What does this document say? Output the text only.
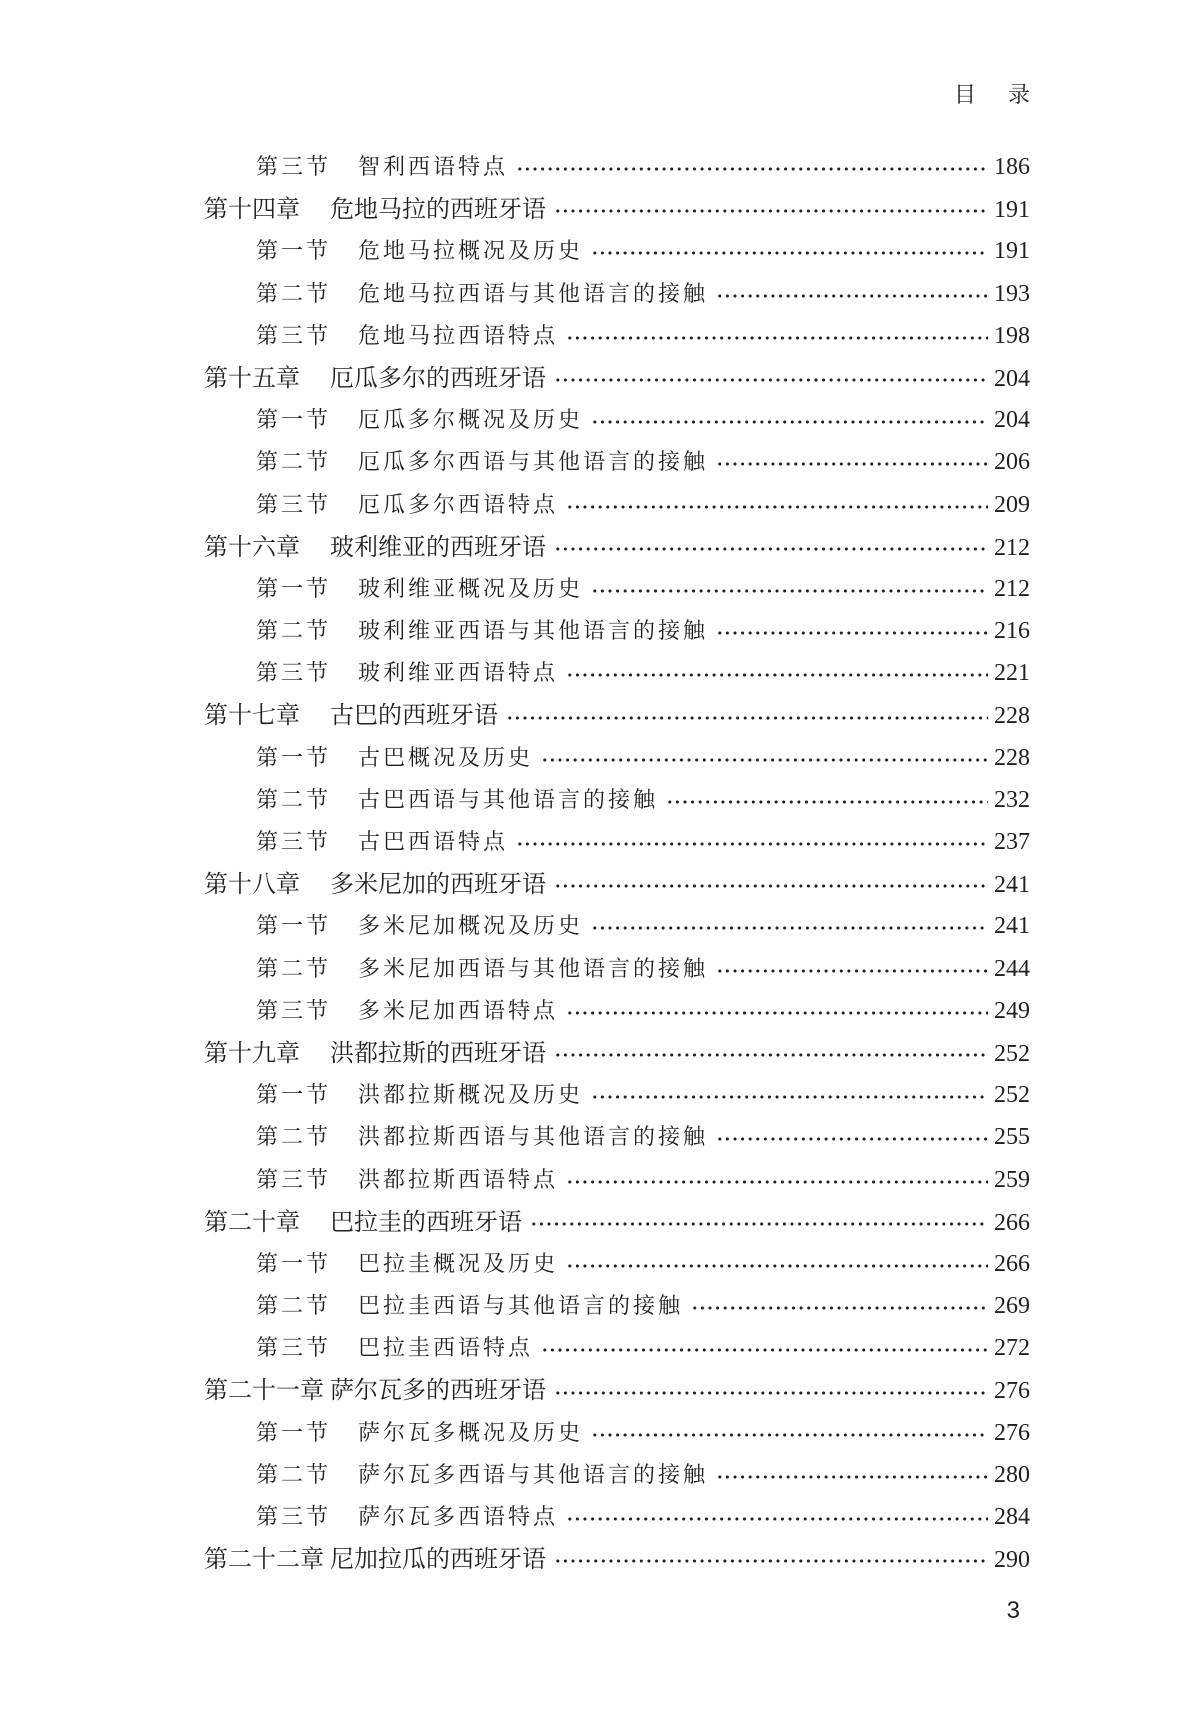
目录
第三节	智利西语特点	186
第十四章	危地马拉的西班牙语	191
第一节	危地马拉概况及历史	191
第二节	危地马拉西语与其他语言的接触	193
第三节	危地马拉西语特点	198
第十五章	厄瓜多尔的西班牙语	204
第一节	厄瓜多尔概况及历史	204
第二节	厄瓜多尔西语与其他语言的接触	206
第三节	厄瓜多尔西语特点	209
第十六章	玻利维亚的西班牙语	212
第一节	玻利维亚概况及历史	212
第二节	玻利维亚西语与其他语言的接触	216
第三节	玻利维亚西语特点	221
第十七章	古巴的西班牙语	228
第一节	古巴概况及历史	228
第二节	古巴西语与其他语言的接触	232
第三节	古巴西语特点	237
第十八章	多米尼加的西班牙语	241
第一节	多米尼加概况及历史	241
第二节	多米尼加西语与其他语言的接触	244
第三节	多米尼加西语特点	249
第十九章	洪都拉斯的西班牙语	252
第一节	洪都拉斯概况及历史	252
第二节	洪都拉斯西语与其他语言的接触	255
第三节	洪都拉斯西语特点	259
第二十章	巴拉圭的西班牙语	266
第一节	巴拉圭概况及历史	266
第二节	巴拉圭西语与其他语言的接触	269
第三节	巴拉圭西语特点	272
第二十一章 萨尔瓦多的西班牙语	276
第一节	萨尔瓦多概况及历史	276
第二节	萨尔瓦多西语与其他语言的接触	280
第三节	萨尔瓦多西语特点	284
第二十二章 尼加拉瓜的西班牙语	290
3
